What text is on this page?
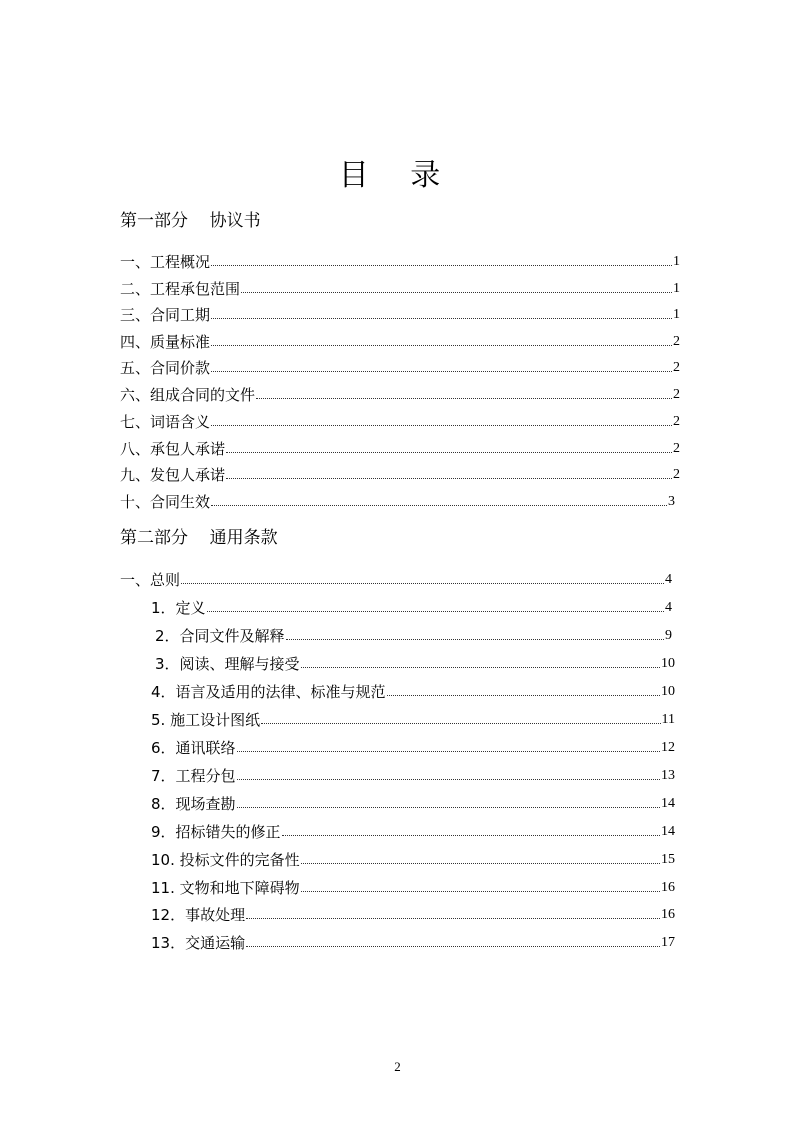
目 录
第一部分    协议书
一、工程概况	1
二、工程承包范围	1
三、合同工期	1
四、质量标准	2
五、合同价款	2
六、组成合同的文件	2
七、词语含义	2
八、承包人承诺	2
九、发包人承诺	2
十、合同生效	3
第二部分    通用条款
一、总则	4
1．定义	4
2．合同文件及解释	9
3．阅读、理解与接受	10
4．语言及适用的法律、标准与规范	10
5. 施工设计图纸	11
6．通讯联络	12
7．工程分包	13
8．现场查勘	14
9．招标错失的修正	14
10. 投标文件的完备性	15
11. 文物和地下障碍物	16
12．事故处理	16
13．交通运输	17
2
